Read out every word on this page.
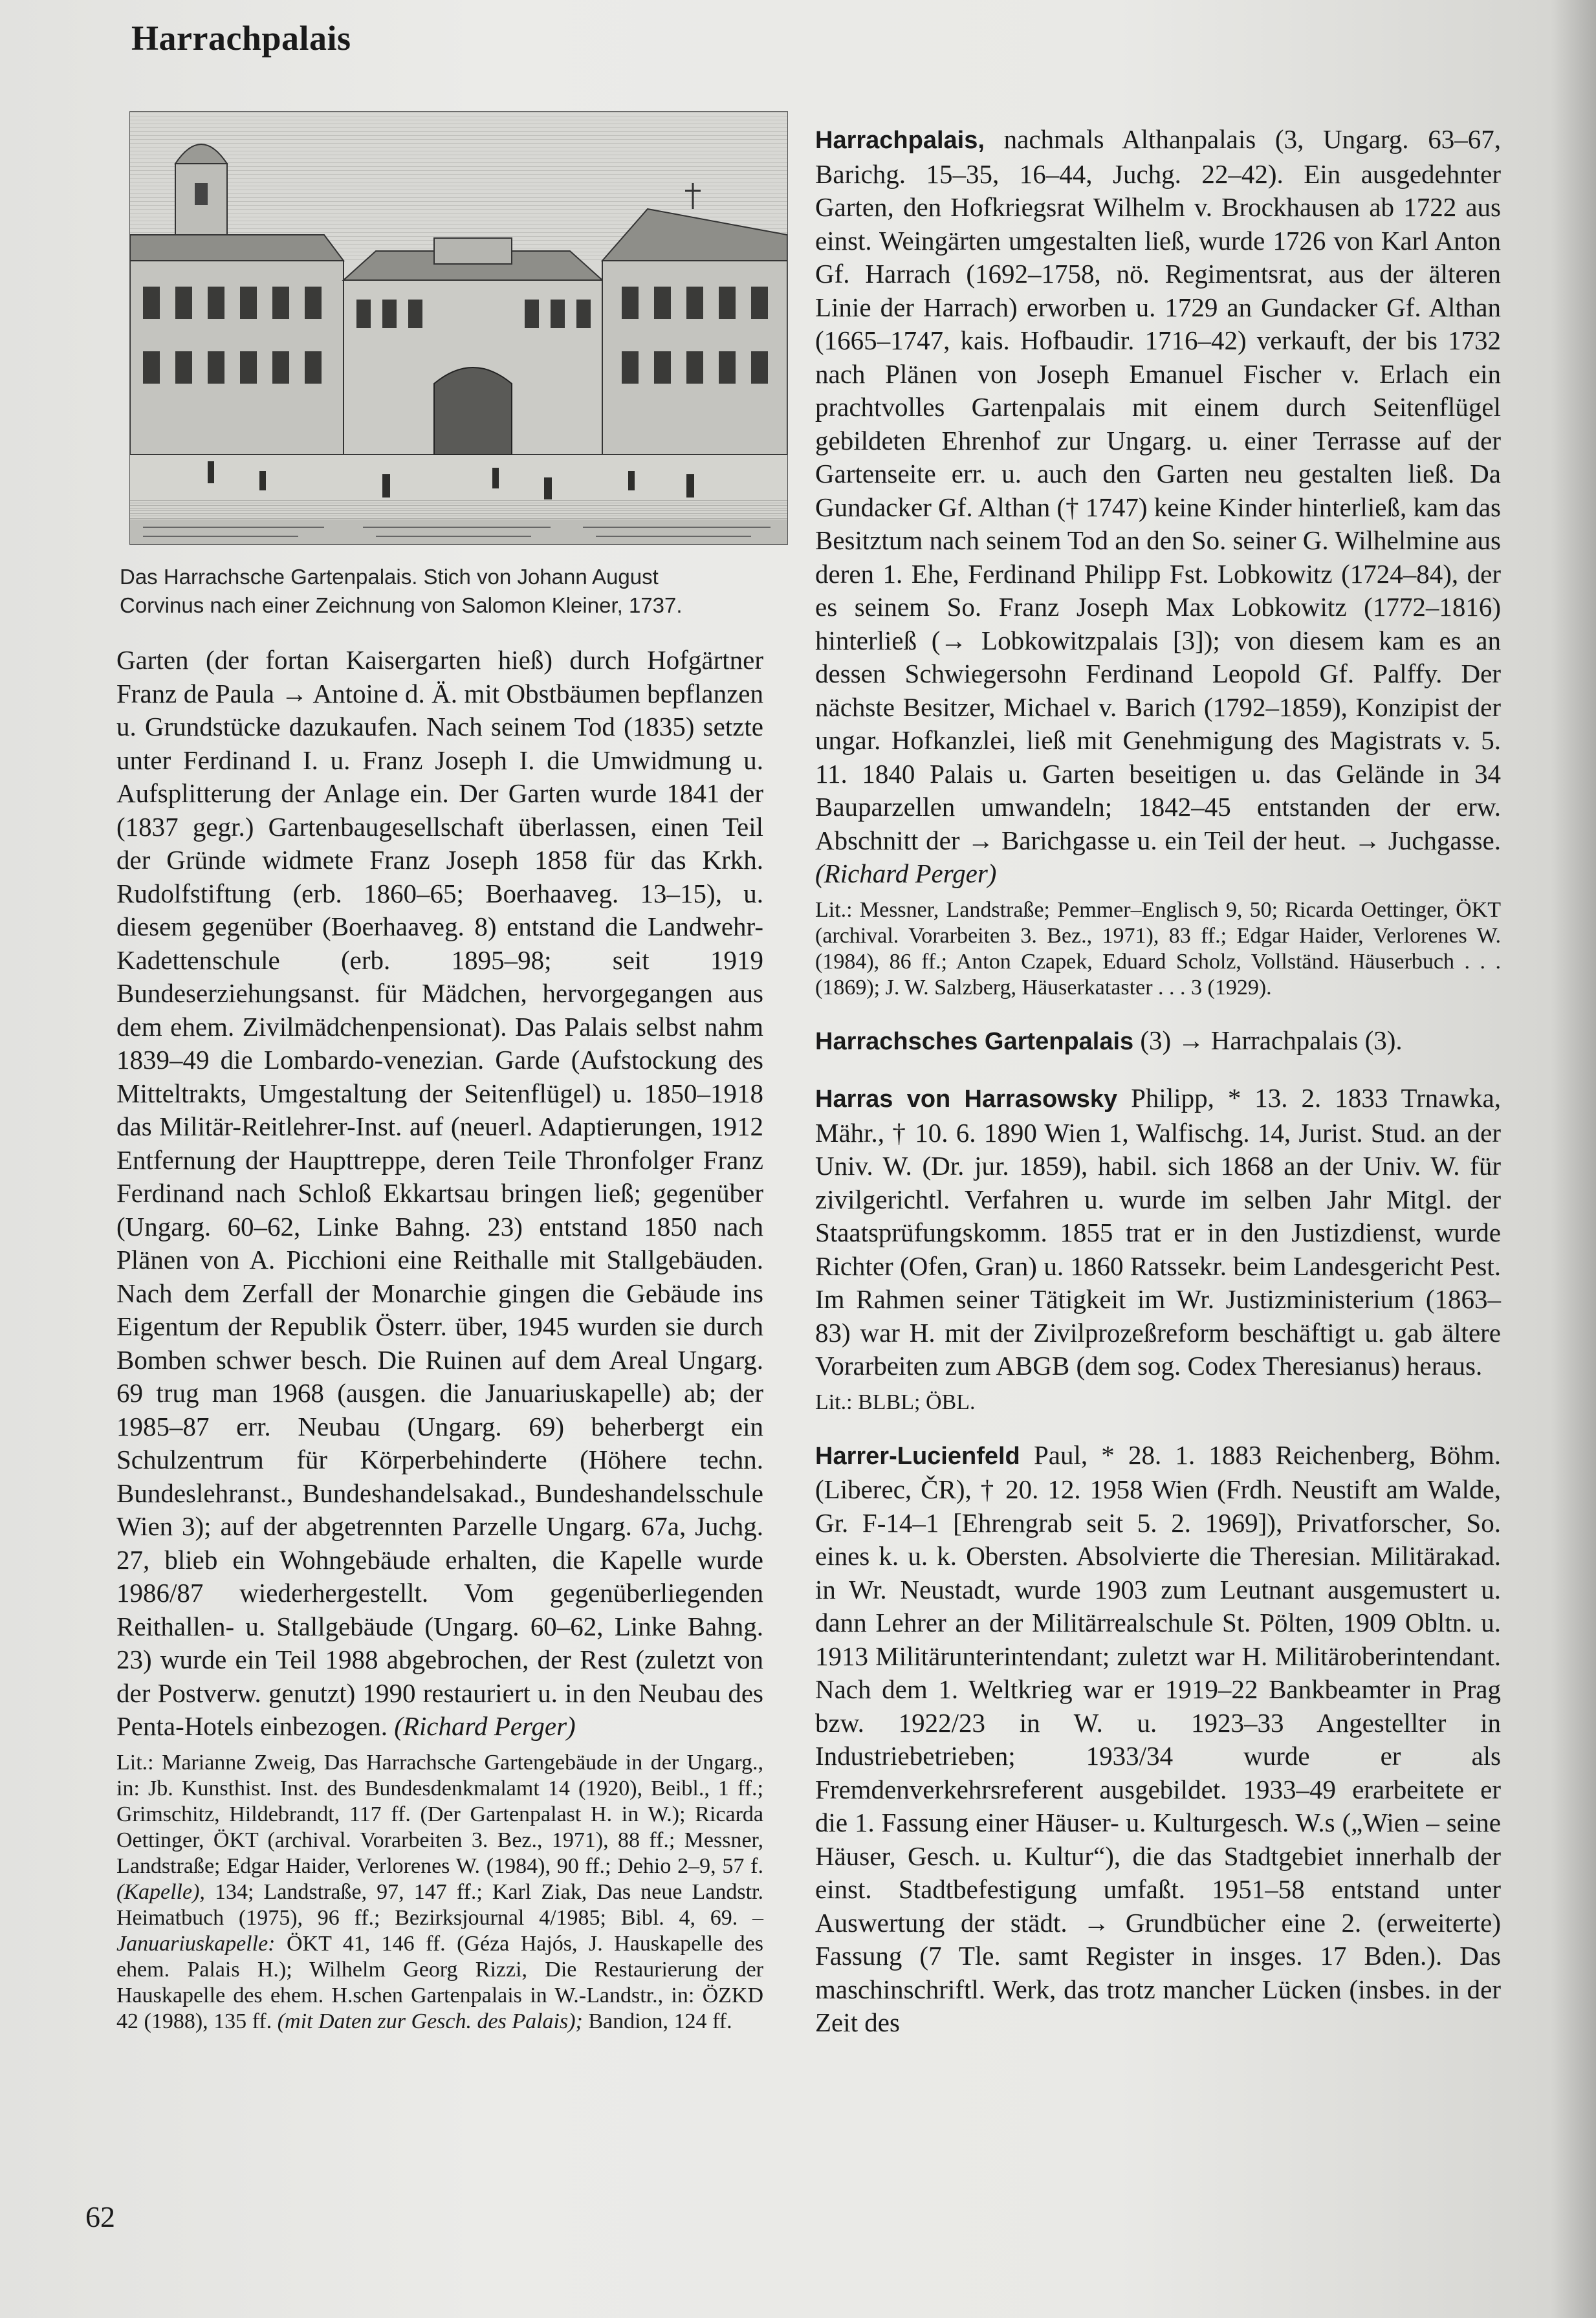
Harrachpalais
Das Harrachsche Gartenpalais. Stich von Johann August
Corvinus nach einer Zeichnung von Salomon Kleiner, 1737.

Garten (der fortan Kaisergarten hieß) durch Hofgärtner Franz de Paula → Antoine d. Ä. mit Obstbäumen bepflanzen u. Grundstücke dazukaufen. Nach seinem Tod (1835) setzte unter Ferdinand I. u. Franz Joseph I. die Umwidmung u. Aufsplitterung der Anlage ein. Der Garten wurde 1841 der (1837 gegr.) Gartenbaugesellschaft überlassen, einen Teil der Gründe widmete Franz Joseph 1858 für das Krkh. Rudolfstiftung (erb. 1860–65; Boerhaaveg. 13–15), u. diesem gegenüber (Boerhaaveg. 8) entstand die Landwehr-Kadettenschule (erb. 1895–98; seit 1919 Bundeserziehungsanst. für Mädchen, hervorgegangen aus dem ehem. Zivilmädchenpensionat). Das Palais selbst nahm 1839–49 die Lombardo-venezian. Garde (Aufstockung des Mitteltrakts, Umgestaltung der Seitenflügel) u. 1850–1918 das Militär-Reitlehrer-Inst. auf (neuerl. Adaptierungen, 1912 Entfernung der Haupttreppe, deren Teile Thronfolger Franz Ferdinand nach Schloß Ekkartsau bringen ließ; gegenüber (Ungarg. 60–62, Linke Bahng. 23) entstand 1850 nach Plänen von A. Picchioni eine Reithalle mit Stallgebäuden. Nach dem Zerfall der Monarchie gingen die Gebäude ins Eigentum der Republik Österr. über, 1945 wurden sie durch Bomben schwer besch. Die Ruinen auf dem Areal Ungarg. 69 trug man 1968 (ausgen. die Januariuskapelle) ab; der 1985–87 err. Neubau (Ungarg. 69) beherbergt ein Schulzentrum für Körperbehinderte (Höhere techn. Bundeslehranst., Bundeshandelsakad., Bundeshandelsschule Wien 3); auf der abgetrennten Parzelle Ungarg. 67a, Juchg. 27, blieb ein Wohngebäude erhalten, die Kapelle wurde 1986/87 wiederhergestellt. Vom gegenüberliegenden Reithallen- u. Stallgebäude (Ungarg. 60–62, Linke Bahng. 23) wurde ein Teil 1988 abgebrochen, der Rest (zuletzt von der Postverw. genutzt) 1990 restauriert u. in den Neubau des Penta-Hotels einbezogen. (Richard Perger)

Lit.: Marianne Zweig, Das Harrachsche Gartengebäude in der Ungarg., in: Jb. Kunsthist. Inst. des Bundesdenkmalamt 14 (1920), Beibl., 1 ff.; Grimschitz, Hildebrandt, 117 ff. (Der Gartenpalast H. in W.); Ricarda Oettinger, ÖKT (archival. Vorarbeiten 3. Bez., 1971), 88 ff.; Messner, Landstraße; Edgar Haider, Verlorenes W. (1984), 90 ff.; Dehio 2–9, 57 f. (Kapelle), 134; Landstraße, 97, 147 ff.; Karl Ziak, Das neue Landstr. Heimatbuch (1975), 96 ff.; Bezirksjournal 4/1985; Bibl. 4, 69. – Januariuskapelle: ÖKT 41, 146 ff. (Géza Hajós, J. Hauskapelle des ehem. Palais H.); Wilhelm Georg Rizzi, Die Restaurierung der Hauskapelle des ehem. H.schen Gartenpalais in W.-Landstr., in: ÖZKD 42 (1988), 135 ff. (mit Daten zur Gesch. des Palais); Bandion, 124 ff.

Harrachpalais, nachmals Althanpalais (3, Ungarg. 63–67, Barichg. 15–35, 16–44, Juchg. 22–42). Ein ausgedehnter Garten, den Hofkriegsrat Wilhelm v. Brockhausen ab 1722 aus einst. Weingärten umgestalten ließ, wurde 1726 von Karl Anton Gf. Harrach (1692–1758, nö. Regimentsrat, aus der älteren Linie der Harrach) erworben u. 1729 an Gundacker Gf. Althan (1665–1747, kais. Hofbaudir. 1716–42) verkauft, der bis 1732 nach Plänen von Joseph Emanuel Fischer v. Erlach ein prachtvolles Gartenpalais mit einem durch Seitenflügel gebildeten Ehrenhof zur Ungarg. u. einer Terrasse auf der Gartenseite err. u. auch den Garten neu gestalten ließ. Da Gundacker Gf. Althan († 1747) keine Kinder hinterließ, kam das Besitztum nach seinem Tod an den So. seiner G. Wilhelmine aus deren 1. Ehe, Ferdinand Philipp Fst. Lobkowitz (1724–84), der es seinem So. Franz Joseph Max Lobkowitz (1772–1816) hinterließ (→ Lobkowitzpalais [3]); von diesem kam es an dessen Schwiegersohn Ferdinand Leopold Gf. Palffy. Der nächste Besitzer, Michael v. Barich (1792–1859), Konzipist der ungar. Hofkanzlei, ließ mit Genehmigung des Magistrats v. 5. 11. 1840 Palais u. Garten beseitigen u. das Gelände in 34 Bauparzellen umwandeln; 1842–45 entstanden der erw. Abschnitt der → Barichgasse u. ein Teil der heut. → Juchgasse. (Richard Perger)

Lit.: Messner, Landstraße; Pemmer–Englisch 9, 50; Ricarda Oettinger, ÖKT (archival. Vorarbeiten 3. Bez., 1971), 83 ff.; Edgar Haider, Verlorenes W. (1984), 86 ff.; Anton Czapek, Eduard Scholz, Vollständ. Häuserbuch . . . (1869); J. W. Salzberg, Häuserkataster . . . 3 (1929).

Harrachsches Gartenpalais (3) → Harrachpalais (3).

Harras von Harrasowsky Philipp, * 13. 2. 1833 Trnawka, Mähr., † 10. 6. 1890 Wien 1, Walfischg. 14, Jurist. Stud. an der Univ. W. (Dr. jur. 1859), habil. sich 1868 an der Univ. W. für zivilgerichtl. Verfahren u. wurde im selben Jahr Mitgl. der Staatsprüfungskomm. 1855 trat er in den Justizdienst, wurde Richter (Ofen, Gran) u. 1860 Ratssekr. beim Landesgericht Pest. Im Rahmen seiner Tätigkeit im Wr. Justizministerium (1863–83) war H. mit der Zivilprozeßreform beschäftigt u. gab ältere Vorarbeiten zum ABGB (dem sog. Codex Theresianus) heraus.

Lit.: BLBL; ÖBL.

Harrer-Lucienfeld Paul, * 28. 1. 1883 Reichenberg, Böhm. (Liberec, ČR), † 20. 12. 1958 Wien (Frdh. Neustift am Walde, Gr. F-14–1 [Ehrengrab seit 5. 2. 1969]), Privatforscher, So. eines k. u. k. Obersten. Absolvierte die Theresian. Militärakad. in Wr. Neustadt, wurde 1903 zum Leutnant ausgemustert u. dann Lehrer an der Militärrealschule St. Pölten, 1909 Obltn. u. 1913 Militärunterintendant; zuletzt war H. Militäroberintendant. Nach dem 1. Weltkrieg war er 1919–22 Bankbeamter in Prag bzw. 1922/23 in W. u. 1923–33 Angestellter in Industriebetrieben; 1933/34 wurde er als Fremdenverkehrsreferent ausgebildet. 1933–49 erarbeitete er die 1. Fassung einer Häuser- u. Kulturgesch. W.s („Wien – seine Häuser, Gesch. u. Kultur“), die das Stadtgebiet innerhalb der einst. Stadtbefestigung umfaßt. 1951–58 entstand unter Auswertung der städt. → Grundbücher eine 2. (erweiterte) Fassung (7 Tle. samt Register in insges. 17 Bden.). Das maschinschriftl. Werk, das trotz mancher Lücken (insbes. in der Zeit des

62
